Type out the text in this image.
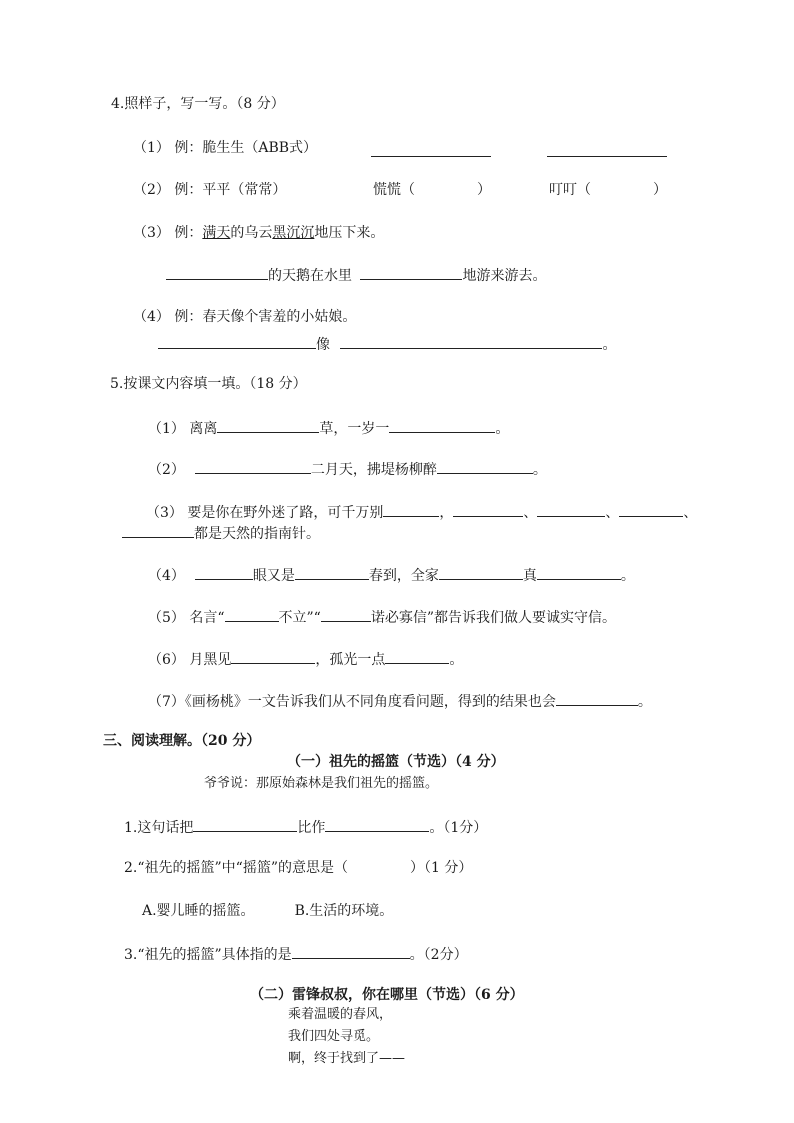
4.照样子，写一写。（8 分）
（1） 例：脆生生（ABB式）
（2） 例：平平（常常）	慌慌（	）	叮叮（	）
（3） 例：满天的乌云黑沉沉地压下来。
的天鹅在水里	地游来游去。
（4） 例：春天像个害羞的小姑娘。
像	。
5.按课文内容填一填。（18 分）
（1） 离离	草，一岁一	。
（2）	二月天，拂堤杨柳醉	。
（3） 要是你在野外迷了路，可千万别	，	、	、	、
都是天然的指南针。
（4）	眼又是	春到，全家	真	。
（5） 名言“	不立”“	诺必寡信”都告诉我们做人要诚实守信。
（6） 月黑见	，孤光一点	。
（7）《画杨桃》一文告诉我们从不同角度看问题，得到的结果也会	。
三、阅读理解。（20 分）
（一）祖先的摇篮（节选）（4 分）
爷爷说：那原始森林是我们祖先的摇篮。
1.这句话把	比作	。（1分）
2.“祖先的摇篮”中“摇篮”的意思是（	）（1 分）
A.婴儿睡的摇篮。	B.生活的环境。
3.“祖先的摇篮”具体指的是	。（2分）
（二）雷锋叔叔，你在哪里（节选）（6 分）
乘着温暖的春风，
我们四处寻觅。
啊，终于找到了——
